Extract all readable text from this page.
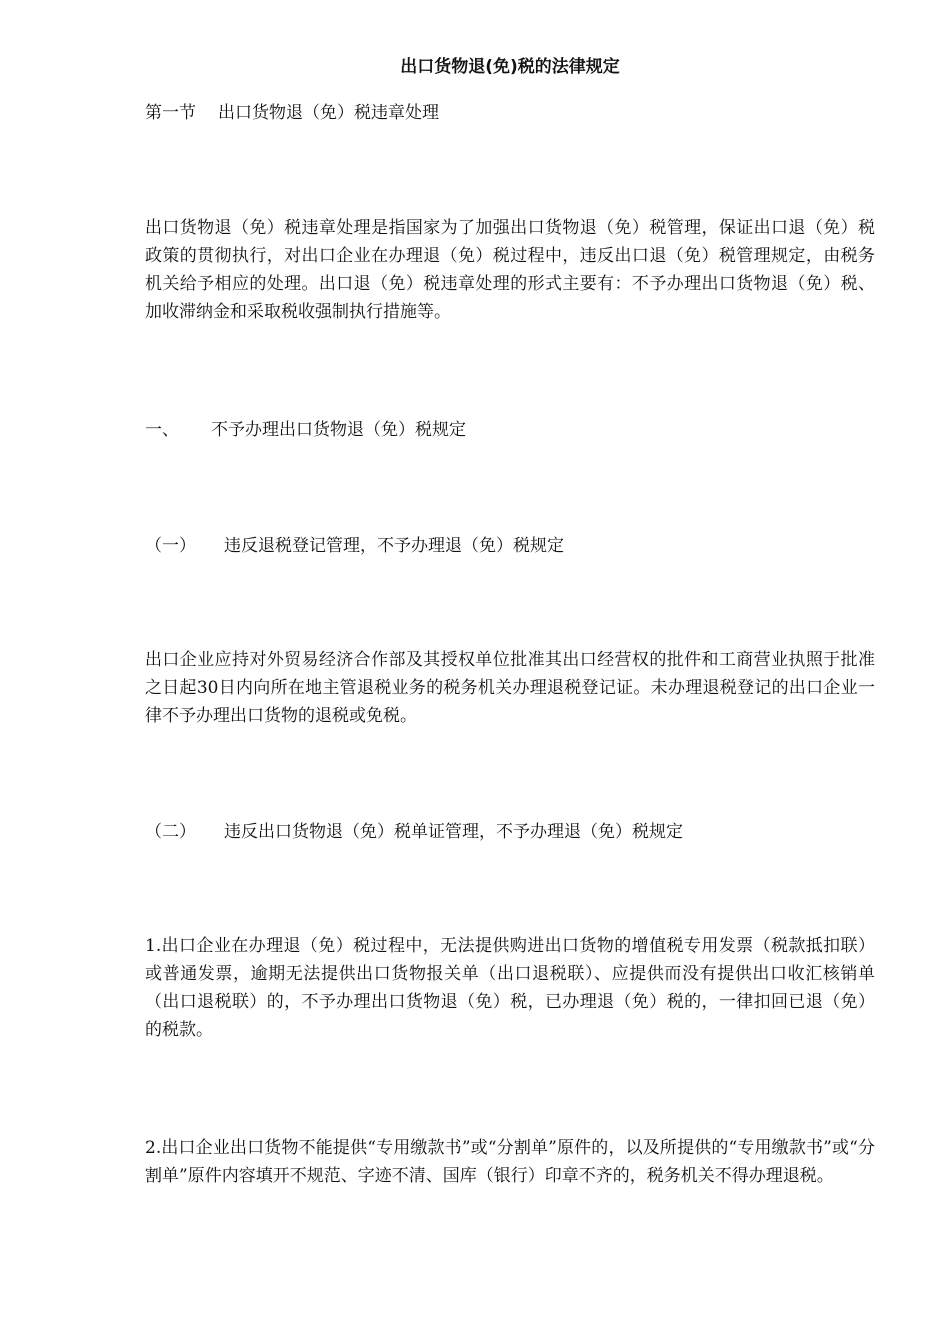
出口货物退(免)税的法律规定
第一节 出口货物退（免）税违章处理
出口货物退（免）税违章处理是指国家为了加强出口货物退（免）税管理，保证出口退（免）税政策的贯彻执行，对出口企业在办理退（免）税过程中，违反出口退（免）税管理规定，由税务机关给予相应的处理。出口退（免）税违章处理的形式主要有：不予办理出口货物退（免）税、加收滞纳金和采取税收强制执行措施等。
一、 不予办理出口货物退（免）税规定
（一） 违反退税登记管理，不予办理退（免）税规定
出口企业应持对外贸易经济合作部及其授权单位批准其出口经营权的批件和工商营业执照于批准之日起30日内向所在地主管退税业务的税务机关办理退税登记证。未办理退税登记的出口企业一律不予办理出口货物的退税或免税。
（二） 违反出口货物退（免）税单证管理，不予办理退（免）税规定
1.出口企业在办理退（免）税过程中，无法提供购进出口货物的增值税专用发票（税款抵扣联）或普通发票，逾期无法提供出口货物报关单（出口退税联）、应提供而没有提供出口收汇核销单（出口退税联）的，不予办理出口货物退（免）税，已办理退（免）税的，一律扣回已退（免）的税款。
2.出口企业出口货物不能提供“专用缴款书”或“分割单”原件的，以及所提供的“专用缴款书”或“分割单”原件内容填开不规范、字迹不清、国库（银行）印章不齐的，税务机关不得办理退税。
